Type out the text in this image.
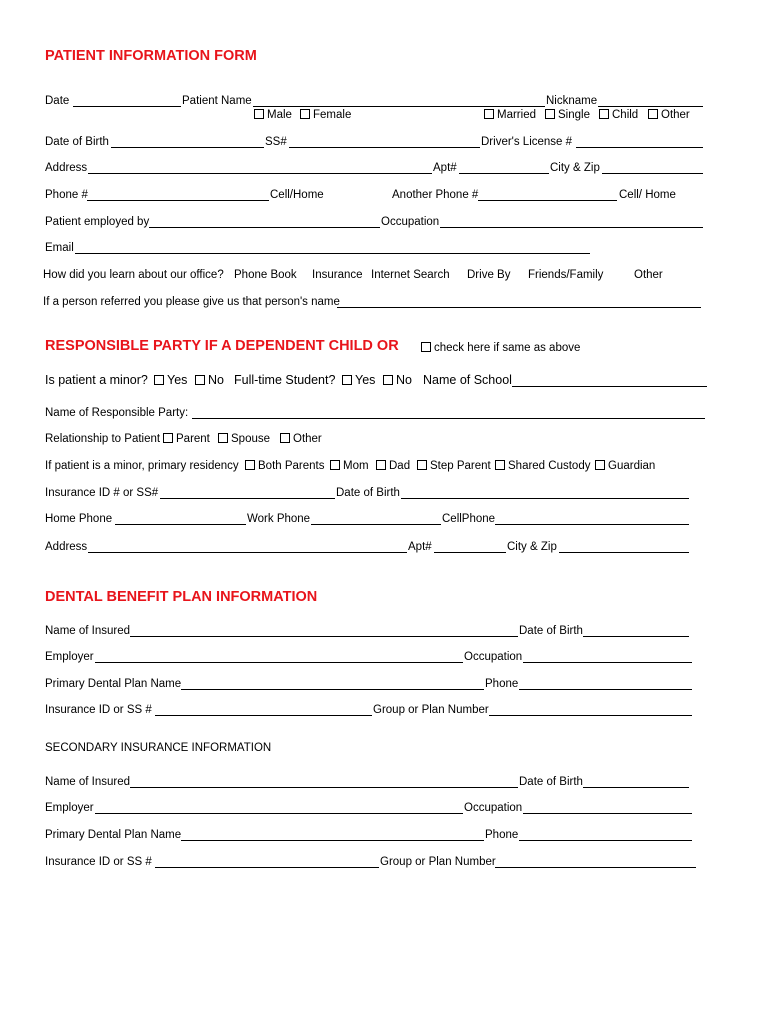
PATIENT INFORMATION FORM
Date	Patient Name	Nickname
Male	Female	Married	Single	Child	Other
Date of Birth	SS#	Driver's License #
Address	Apt#	City & Zip
Phone #	Cell/Home	Another Phone #	Cell/ Home
Patient employed by	Occupation
Email
How did you learn about our office? Phone Book Insurance Internet Search Drive By Friends/Family	Other
If a person referred you please give us that person's name
RESPONSIBLE PARTY IF A DEPENDENT CHILD OR	check here if same as above
Is patient a minor?	Yes	No Full-time Student?	Yes	No Name of School
Name of Responsible Party:
Relationship to Patient	Parent	Spouse	Other
If patient is a minor, primary residency	Both Parents	Mom	Dad	Step Parent	Shared Custody	Guardian
Insurance ID # or SS#	Date of Birth
Home Phone	Work Phone	CellPhone
Address	Apt#	City & Zip
DENTAL BENEFIT PLAN INFORMATION
Name of Insured	Date of Birth
Employer	Occupation
Primary Dental Plan Name	Phone
Insurance ID or SS #	Group or Plan Number
SECONDARY INSURANCE INFORMATION
Name of Insured	Date of Birth
Employer	Occupation
Primary Dental Plan Name	Phone
Insurance ID or SS #	Group or Plan Number
